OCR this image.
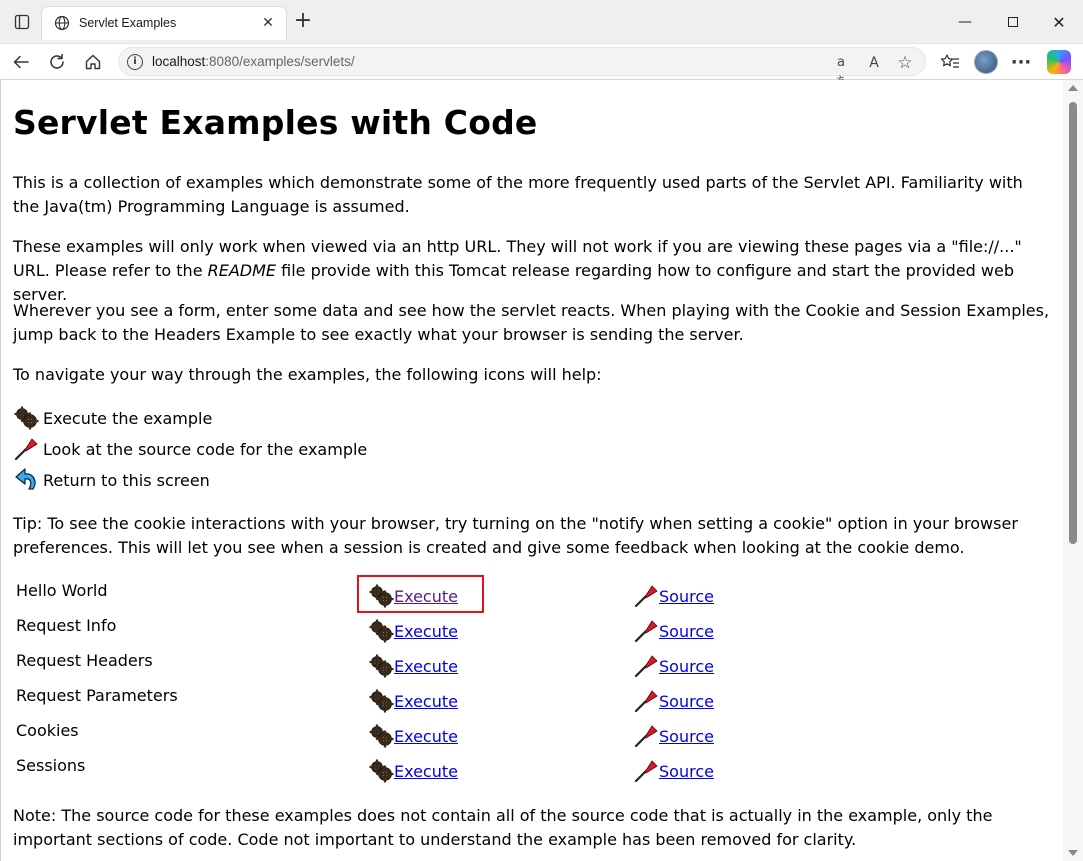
Servlet Examples	✕ +	—	✕
i	localhost:8080/examples/servlets/	a	A	☆	···
Servlet Examples with Code

This is a collection of examples which demonstrate some of the more frequently used parts of the Servlet API. Familiarity with the Java(tm) Programming Language is assumed.

These examples will only work when viewed via an http URL. They will not work if you are viewing these pages via a "file://..." URL. Please refer to the README file provide with this Tomcat release regarding how to configure and start the provided web server.

Wherever you see a form, enter some data and see how the servlet reacts. When playing with the Cookie and Session Examples, jump back to the Headers Example to see exactly what your browser is sending the server.

To navigate your way through the examples, the following icons will help:

Execute the example
Look at the source code for the example
Return to this screen

Tip: To see the cookie interactions with your browser, try turning on the "notify when setting a cookie" option in your browser preferences. This will let you see when a session is created and give some feedback when looking at the cookie demo.

Hello World	Execute	Source
Request Info	Execute	Source
Request Headers	Execute	Source
Request Parameters	Execute	Source
Cookies	Execute	Source
Sessions	Execute	Source

Note: The source code for these examples does not contain all of the source code that is actually in the example, only the important sections of code. Code not important to understand the example has been removed for clarity.
